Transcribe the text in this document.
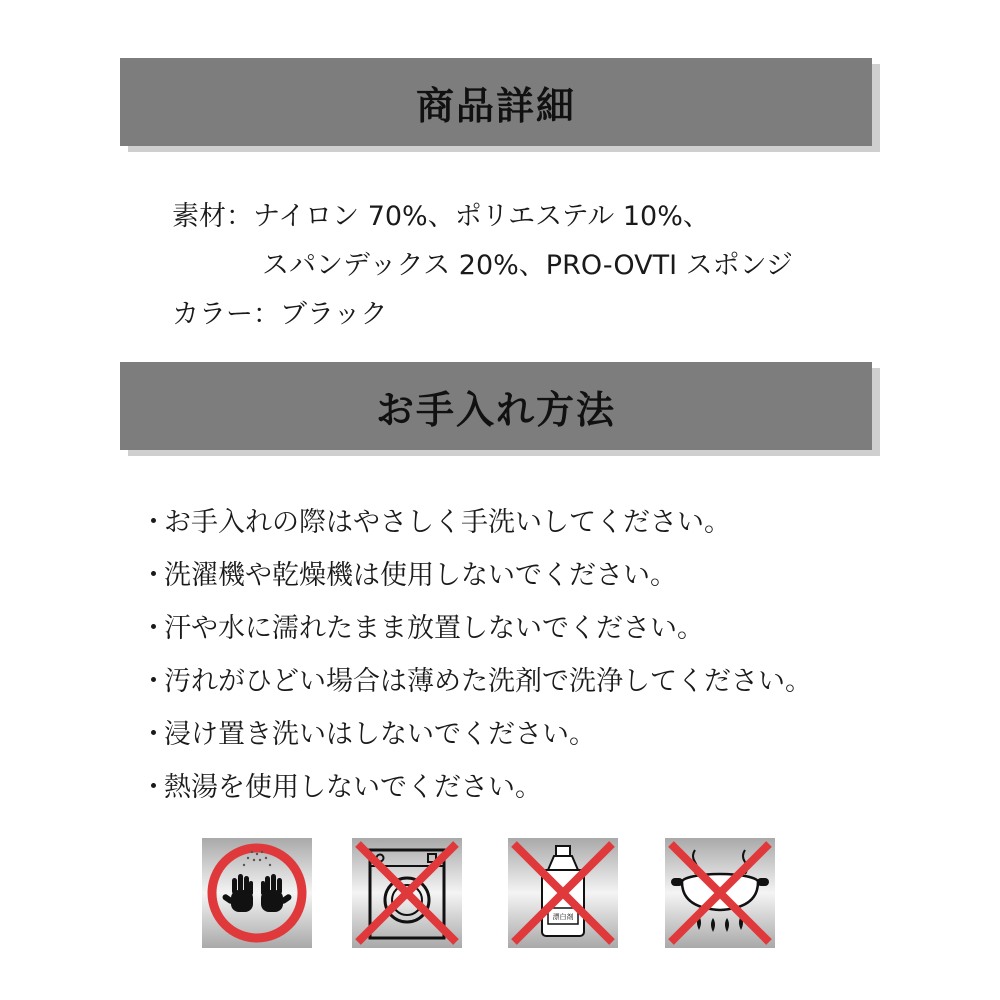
商品詳細
素材：ナイロン 70%、ポリエステル 10%、
スパンデックス 20%、PRO-OVTI スポンジ
カラー：ブラック
お手入れ方法
・お手入れの際はやさしく手洗いしてください。
・洗濯機や乾燥機は使用しないでください。
・汗や水に濡れたまま放置しないでください。
・汚れがひどい場合は薄めた洗剤で洗浄してください。
・浸け置き洗いはしないでください。
・熱湯を使用しないでください。
漂白剤
